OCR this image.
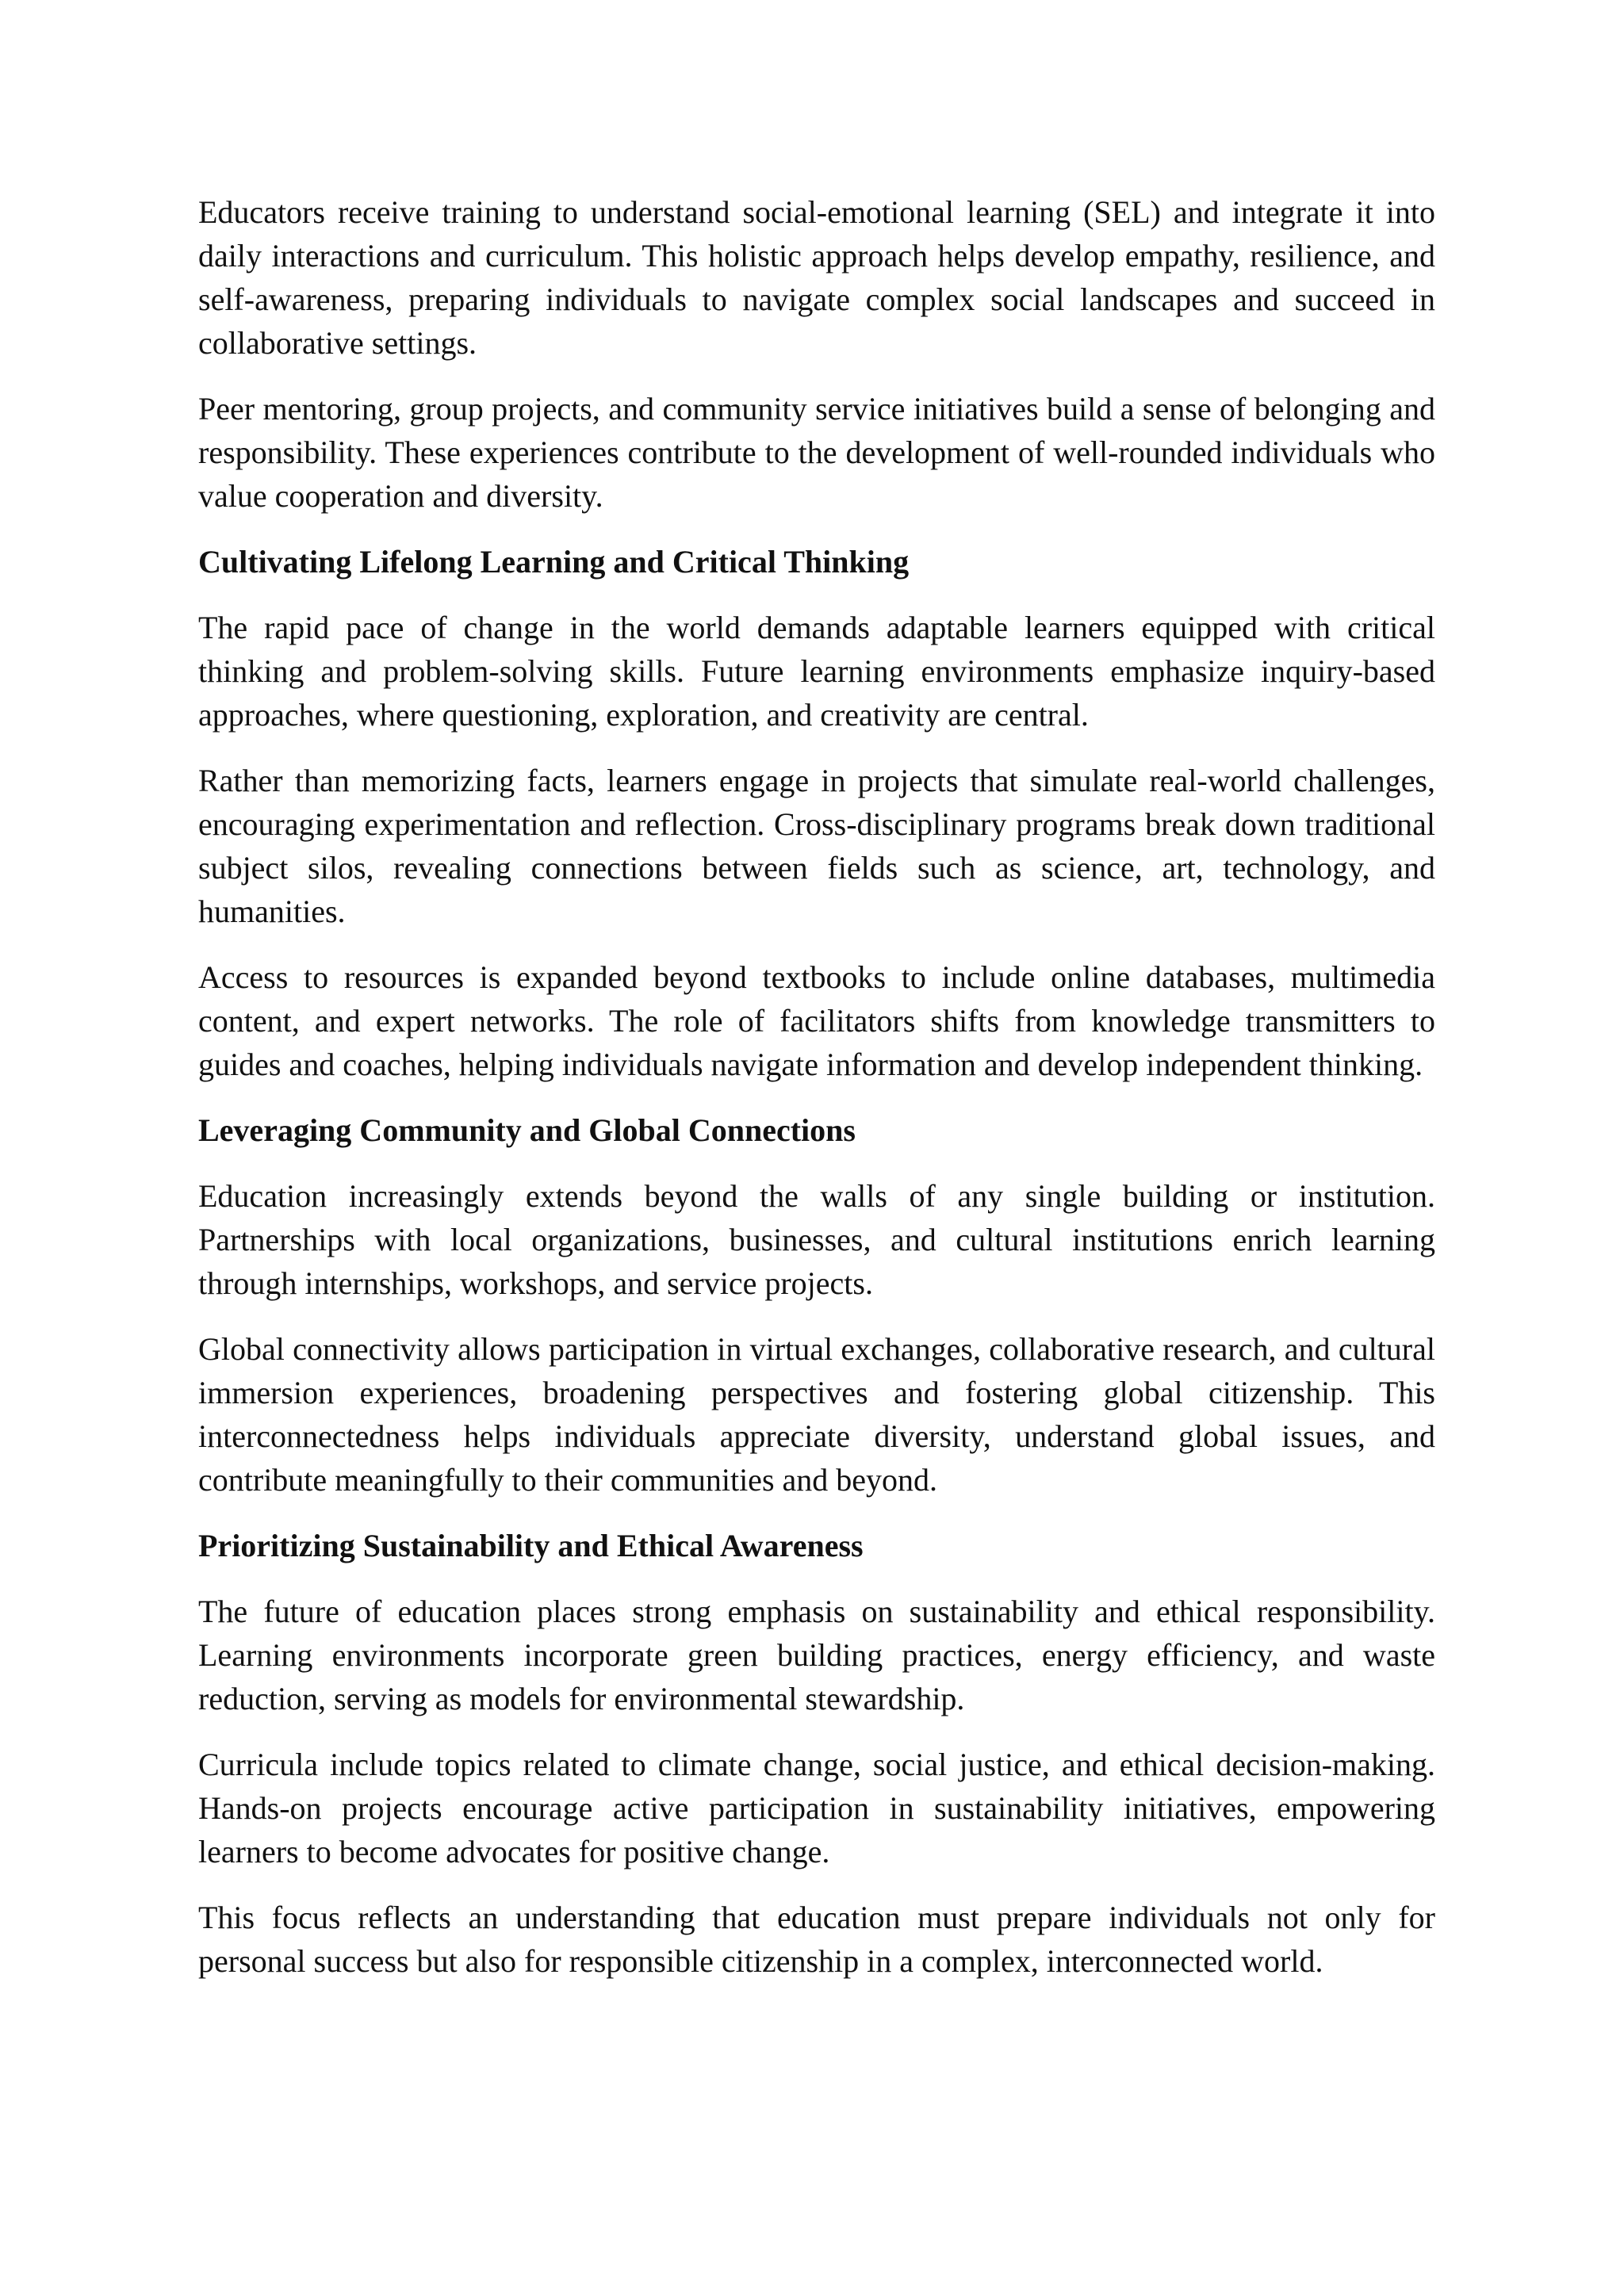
Educators receive training to understand social-emotional learning (SEL) and integrate it into daily interactions and curriculum. This holistic approach helps develop empathy, resilience, and self-awareness, preparing individuals to navigate complex social landscapes and succeed in collaborative settings.

Peer mentoring, group projects, and community service initiatives build a sense of belonging and responsibility. These experiences contribute to the development of well-rounded individuals who value cooperation and diversity.

Cultivating Lifelong Learning and Critical Thinking

The rapid pace of change in the world demands adaptable learners equipped with critical thinking and problem-solving skills. Future learning environments emphasize inquiry-based approaches, where questioning, exploration, and creativity are central.

Rather than memorizing facts, learners engage in projects that simulate real-world challenges, encouraging experimentation and reflection. Cross-disciplinary programs break down traditional subject silos, revealing connections between fields such as science, art, technology, and humanities.

Access to resources is expanded beyond textbooks to include online databases, multimedia content, and expert networks. The role of facilitators shifts from knowledge transmitters to guides and coaches, helping individuals navigate information and develop independent thinking.

Leveraging Community and Global Connections

Education increasingly extends beyond the walls of any single building or institution. Partnerships with local organizations, businesses, and cultural institutions enrich learning through internships, workshops, and service projects.

Global connectivity allows participation in virtual exchanges, collaborative research, and cultural immersion experiences, broadening perspectives and fostering global citizenship. This interconnectedness helps individuals appreciate diversity, understand global issues, and contribute meaningfully to their communities and beyond.

Prioritizing Sustainability and Ethical Awareness

The future of education places strong emphasis on sustainability and ethical responsibility. Learning environments incorporate green building practices, energy efficiency, and waste reduction, serving as models for environmental stewardship.

Curricula include topics related to climate change, social justice, and ethical decision-making. Hands-on projects encourage active participation in sustainability initiatives, empowering learners to become advocates for positive change.

This focus reflects an understanding that education must prepare individuals not only for personal success but also for responsible citizenship in a complex, interconnected world.
